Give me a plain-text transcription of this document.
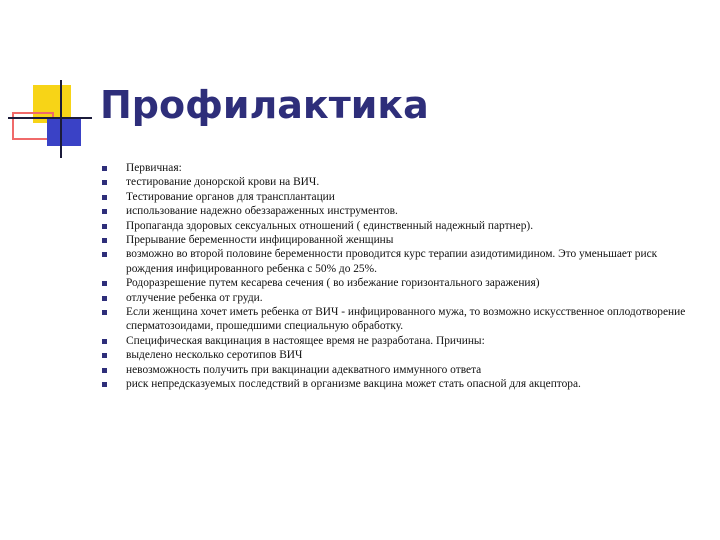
Профилактика
Первичная:
тестирование донорской крови на ВИЧ.
Тестирование органов для трансплантации
использование надежно обеззараженных инструментов.
Пропаганда здоровых сексуальных отношений ( единственный надежный партнер).
Прерывание беременности инфицированной женщины
возможно во второй половине беременности проводится курс терапии азидотимидином. Это уменьшает риск рождения инфицированного ребенка с 50% до 25%.
Родоразрешение путем кесарева сечения ( во избежание горизонтального заражения)
отлучение ребенка от груди.
Если женщина хочет иметь ребенка от ВИЧ - инфицированного мужа, то возможно искусственное оплодотворение сперматозоидами, прошедшими специальную обработку.
Специфическая вакцинация в настоящее время не разработана. Причины:
выделено несколько серотипов ВИЧ
невозможность получить при вакцинации адекватного иммунного ответа
риск непредсказуемых последствий в организме вакцина может стать опасной для акцептора.
